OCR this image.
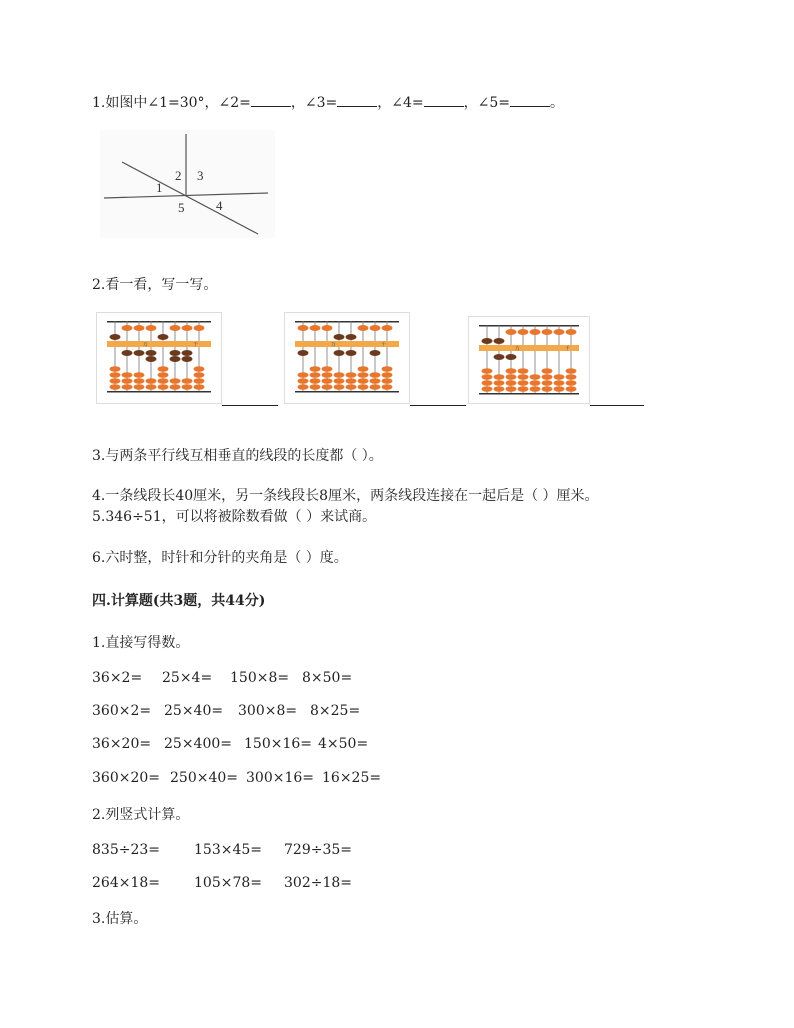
1.如图中∠1=30°，∠2=	，∠3=	，∠4=	，∠5=	。
1
2 3
4
5
2.看一看，写一写。
万	千	万	千
万	千
3.与两条平行线互相垂直的线段的长度都（ ）。
4.一条线段长40厘米，另一条线段长8厘米，两条线段连接在一起后是（ ）厘米。
5.346÷51，可以将被除数看做（ ）来试商。
6.六时整，时针和分针的夹角是（ ）度。
四.计算题(共3题，共44分)
1.直接写得数。
36×2= 25×4= 150×8= 8×50=
360×2= 25×40= 300×8= 8×25=
36×20= 25×400= 150×16= 4×50=
360×20= 250×40= 300×16= 16×25=
2.列竖式计算。
835÷23= 153×45= 729÷35=
264×18= 105×78= 302÷18=
3.估算。
